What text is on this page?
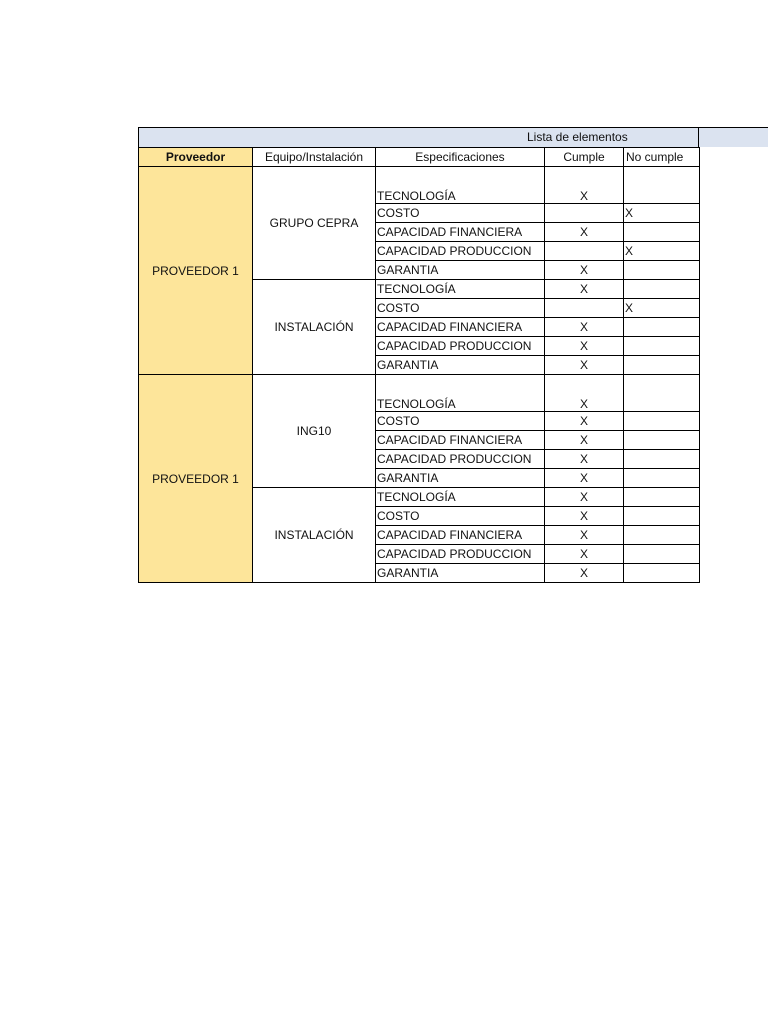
Lista de elementos
Proveedor	Equipo/Instalación	Especificaciones	Cumple	No cumple
PROVEEDOR 1	GRUPO CEPRA	TECNOLOGÍA	X	
		COSTO		X
		CAPACIDAD FINANCIERA	X	
		CAPACIDAD PRODUCCION		X
		GARANTIA	X	
	INSTALACIÓN	TECNOLOGÍA	X	
		COSTO		X
		CAPACIDAD FINANCIERA	X	
		CAPACIDAD PRODUCCION	X	
		GARANTIA	X	
PROVEEDOR 1	ING10	TECNOLOGÍA	X	
		COSTO	X	
		CAPACIDAD FINANCIERA	X	
		CAPACIDAD PRODUCCION	X	
		GARANTIA	X	
	INSTALACIÓN	TECNOLOGÍA	X	
		COSTO	X	
		CAPACIDAD FINANCIERA	X	
		CAPACIDAD PRODUCCION	X	
		GARANTIA	X	
